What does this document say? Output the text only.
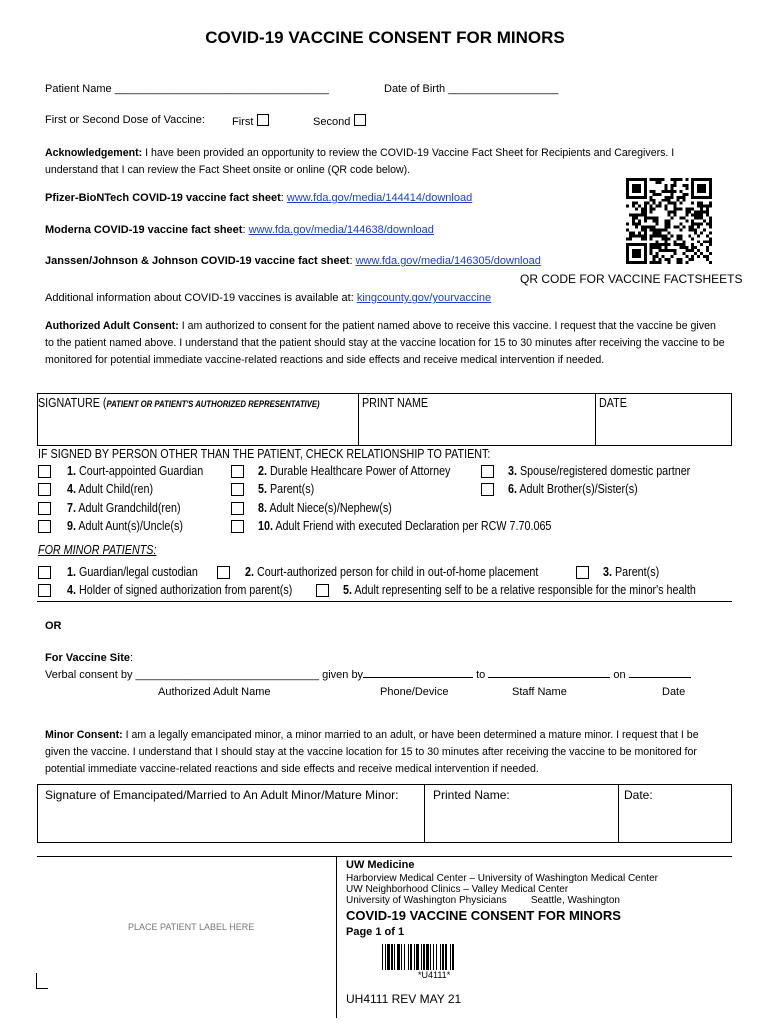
COVID-19 VACCINE CONSENT FOR MINORS
Patient Name ___________________________________	Date of Birth __________________
First or Second Dose of Vaccine: First	Second
Acknowledgement: I have been provided an opportunity to review the COVID-19 Vaccine Fact Sheet for Recipients and Caregivers. I understand that I can review the Fact Sheet onsite or online (QR code below).
Pfizer-BioNTech COVID-19 vaccine fact sheet: www.fda.gov/media/144414/download
Moderna COVID-19 vaccine fact sheet: www.fda.gov/media/144638/download
Janssen/Johnson & Johnson COVID-19 vaccine fact sheet: www.fda.gov/media/146305/download
QR CODE FOR VACCINE FACTSHEETS
Additional information about COVID-19 vaccines is available at: kingcounty.gov/yourvaccine
Authorized Adult Consent: I am authorized to consent for the patient named above to receive this vaccine. I request that the vaccine be given to the patient named above. I understand that the patient should stay at the vaccine location for 15 to 30 minutes after receiving the vaccine to be monitored for potential immediate vaccine-related reactions and side effects and receive medical intervention if needed.
SIGNATURE (PATIENT OR PATIENT'S AUTHORIZED REPRESENTATIVE)	PRINT NAME	DATE
IF SIGNED BY PERSON OTHER THAN THE PATIENT, CHECK RELATIONSHIP TO PATIENT:
1. Court-appointed Guardian	2. Durable Healthcare Power of Attorney	3. Spouse/registered domestic partner
4. Adult Child(ren)	5. Parent(s)	6. Adult Brother(s)/Sister(s)
7. Adult Grandchild(ren)	8. Adult Niece(s)/Nephew(s)
9. Adult Aunt(s)/Uncle(s)	10. Adult Friend with executed Declaration per RCW 7.70.065
FOR MINOR PATIENTS:
1. Guardian/legal custodian	2. Court-authorized person for child in out-of-home placement	3. Parent(s)
4. Holder of signed authorization from parent(s)	5. Adult representing self to be a relative responsible for the minor's health
OR
For Vaccine Site:
Verbal consent by ______________________________ given by	to	on
Authorized Adult Name	Phone/Device	Staff Name	Date
Minor Consent: I am a legally emancipated minor, a minor married to an adult, or have been determined a mature minor. I request that I be given the vaccine. I understand that I should stay at the vaccine location for 15 to 30 minutes after receiving the vaccine to be monitored for potential immediate vaccine-related reactions and side effects and receive medical intervention if needed.
Signature of Emancipated/Married to An Adult Minor/Mature Minor:	Printed Name:	Date:
PLACE PATIENT LABEL HERE
UW Medicine
Harborview Medical Center – University of Washington Medical Center
UW Neighborhood Clinics – Valley Medical Center
University of Washington Physicians Seattle, Washington
COVID-19 VACCINE CONSENT FOR MINORS
Page 1 of 1
*U4111*
UH4111 REV MAY 21
